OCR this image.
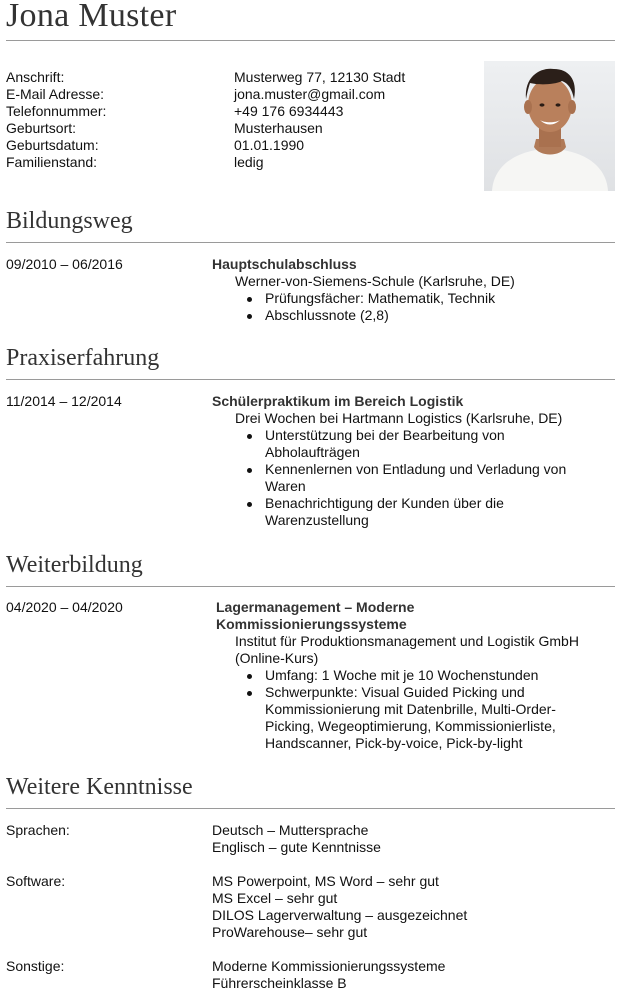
Jona Muster
Anschrift:	Musterweg 77, 12130 Stadt
E-Mail Adresse:	jona.muster@gmail.com
Telefonnummer:	+49 176 6934443
Geburtsort:	Musterhausen
Geburtsdatum:	01.01.1990
Familienstand:	ledig
Bildungsweg
09/2010 – 06/2016	Hauptschulabschluss
Werner-von-Siemens-Schule (Karlsruhe, DE)
Prüfungsfächer: Mathematik, Technik
Abschlussnote (2,8)
Praxiserfahrung
11/2014 – 12/2014	Schülerpraktikum im Bereich Logistik
Drei Wochen bei Hartmann Logistics (Karlsruhe, DE)
Unterstützung bei der Bearbeitung von
Abholaufträgen
Kennenlernen von Entladung und Verladung von
Waren
Benachrichtigung der Kunden über die
Warenzustellung
Weiterbildung
04/2020 – 04/2020	Lagermanagement – Moderne
Kommissionierungssysteme
Institut für Produktionsmanagement und Logistik GmbH
(Online-Kurs)
Umfang: 1 Woche mit je 10 Wochenstunden
Schwerpunkte: Visual Guided Picking und
Kommissionierung mit Datenbrille, Multi-Order-
Picking, Wegeoptimierung, Kommissionierliste,
Handscanner, Pick-by-voice, Pick-by-light
Weitere Kenntnisse
Sprachen:	Deutsch – Muttersprache
Englisch – gute Kenntnisse
Software:	MS Powerpoint, MS Word – sehr gut
MS Excel – sehr gut
DILOS Lagerverwaltung – ausgezeichnet
ProWarehouse– sehr gut
Sonstige:	Moderne Kommissionierungssysteme
Führerscheinklasse B
